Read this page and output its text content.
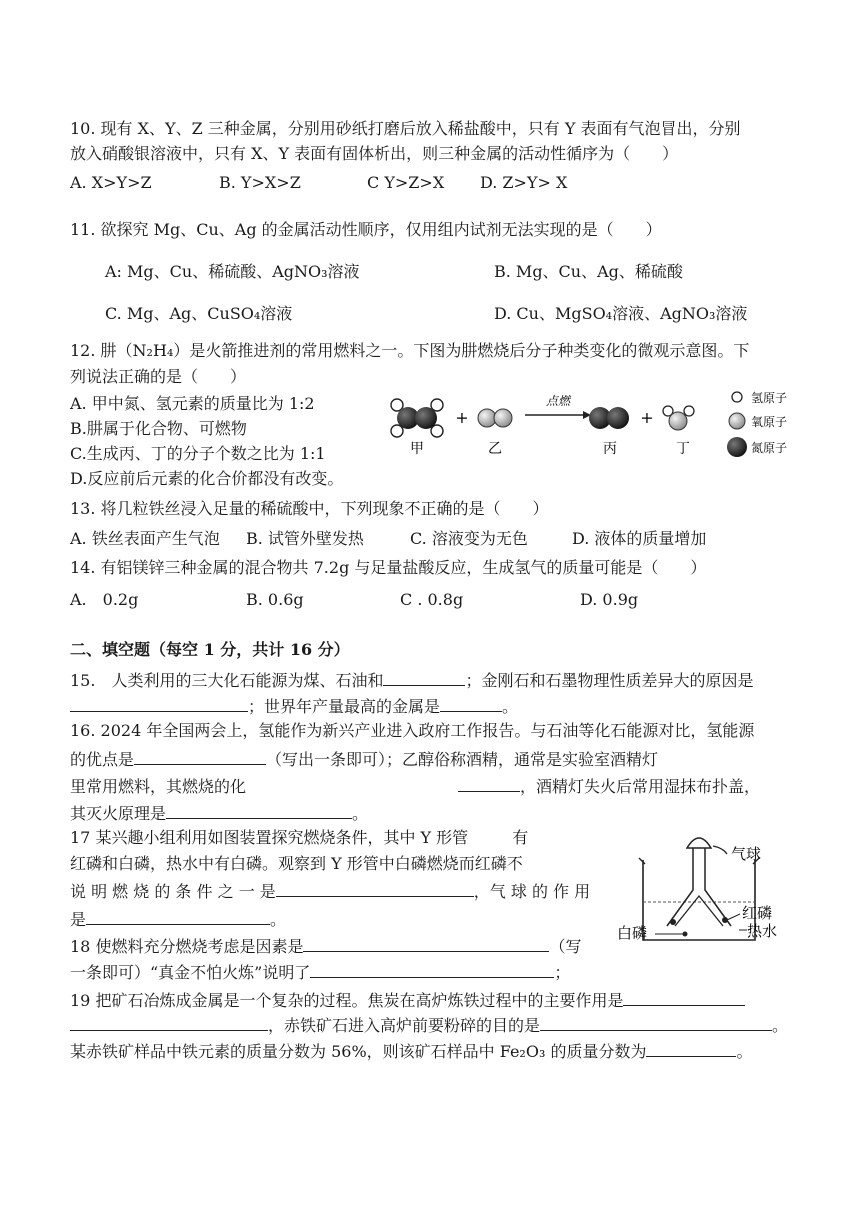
10. 现有 X、Y、Z 三种金属，分别用砂纸打磨后放入稀盐酸中，只有 Y 表面有气泡冒出，分别
放入硝酸银溶液中，只有 X、Y 表面有固体析出，则三种金属的活动性循序为（　　）
A. X>Y>Z	B. Y>X>Z	C Y>Z>X D. Z>Y> X
11. 欲探究 Mg、Cu、Ag 的金属活动性顺序，仅用组内试剂无法实现的是（　　）
A: Mg、Cu、稀硫酸、AgNO₃溶液	B. Mg、Cu、Ag、稀硫酸
C. Mg、Ag、CuSO₄溶液	D. Cu、MgSO₄溶液、AgNO₃溶液
12. 肼（N₂H₄）是火箭推进剂的常用燃料之一。下图为肼燃烧后分子种类变化的微观示意图。下
列说法正确的是（　　）
A. 甲中氮、氢元素的质量比为 1:2
B.肼属于化合物、可燃物
C.生成丙、丁的分子个数之比为 1:1
D.反应前后元素的化合价都没有改变。
甲
+
乙
点燃
丙
+
丁
氢原子
氧原子
氮原子
13. 将几粒铁丝浸入足量的稀硫酸中，下列现象不正确的是（　　）
A. 铁丝表面产生气泡 B. 试管外壁发热	C. 溶液变为无色	D. 液体的质量增加
14. 有铝镁锌三种金属的混合物共 7.2g 与足量盐酸反应，生成氢气的质量可能是（　　）
A.　0.2g	B. 0.6g	C . 0.8g	D. 0.9g
二、填空题（每空 1 分，共计 16 分）
15.　人类利用的三大化石能源为煤、石油和	；金刚石和石墨物理性质差异大的原因是
；世界年产量最高的金属是	。
16. 2024 年全国两会上，氢能作为新兴产业进入政府工作报告。与石油等化石能源对比，氢能源
的优点是	（写出一条即可）；乙醇俗称酒精，通常是实验室酒精灯
里常用燃料，其燃烧的化	，酒精灯失火后常用湿抹布扑盖，
其灭火原理是	。
17 某兴趣小组利用如图装置探究燃烧条件，其中 Y 形管	有
红磷和白磷，热水中有白磷。观察到 Y 形管中白磷燃烧而红磷不
说 明 燃 烧 的 条 件 之 一 是	，气 球 的 作 用
是	。
气球
红磷
热水
白磷
18 使燃料充分燃烧考虑是因素是	（写
一条即可）“真金不怕火炼”说明了	；
19 把矿石冶炼成金属是一个复杂的过程。焦炭在高炉炼铁过程中的主要作用是
，赤铁矿石进入高炉前要粉碎的目的是	。
某赤铁矿样品中铁元素的质量分数为 56%，则该矿石样品中 Fe₂O₃ 的质量分数为	。
